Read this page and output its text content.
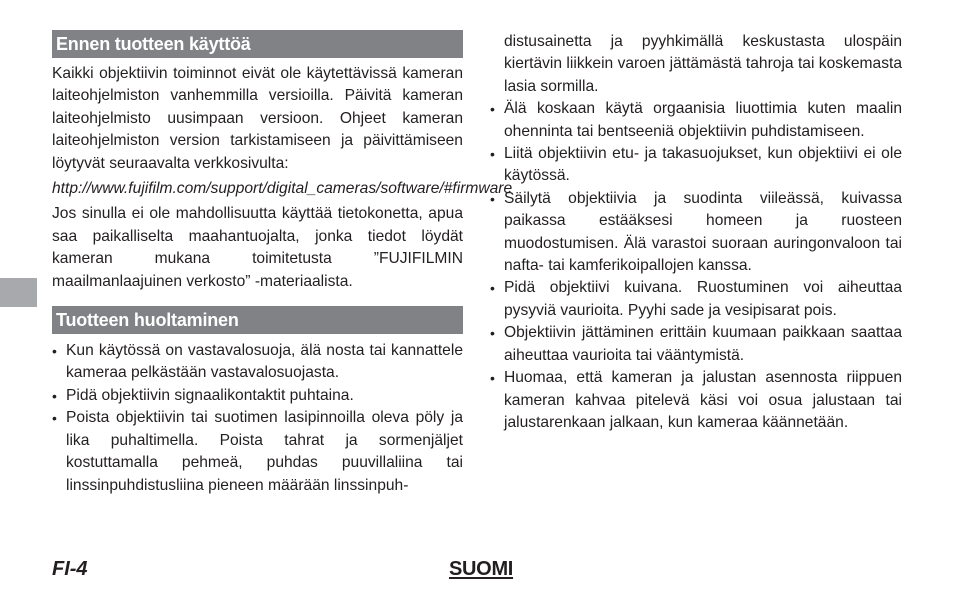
Ennen tuotteen käyttöä

Kaikki objektiivin toiminnot eivät ole käytettävissä kameran laiteohjelmiston vanhemmilla versioilla. Päivitä kameran laiteohjelmisto uusimpaan versioon. Ohjeet kameran laiteohjelmiston version tarkistamiseen ja päivittämiseen löytyvät seuraavalta verkkosivulta:

http://www.fujifilm.com/support/digital_cameras/software/#firmware

Jos sinulla ei ole mahdollisuutta käyttää tietokonetta, apua saa paikalliselta maahantuojalta, jonka tiedot löydät kameran mukana toimitetusta ”FUJIFILMIN maailmanlaajuinen verkosto” -materiaalista.

Tuotteen huoltaminen
• Kun käytössä on vastavalosuoja, älä nosta tai kannattele kameraa pelkästään vastavalosuojasta.
• Pidä objektiivin signaalikontaktit puhtaina.
• Poista objektiivin tai suotimen lasipinnoilla oleva pöly ja lika puhaltimella. Poista tahrat ja sormenjäljet kostuttamalla pehmeä, puhdas puuvillaliina tai linssinpuhdistusliina pieneen määrään linssinpuh-
distusainetta ja pyyhkimällä keskustasta ulospäin kiertävin liikkein varoen jättämästä tahroja tai koskemasta lasia sormilla.
• Älä koskaan käytä orgaanisia liuottimia kuten maalin ohenninta tai bentseeniä objektiivin puhdistamiseen.
• Liitä objektiivin etu- ja takasuojukset, kun objektiivi ei ole käytössä.
• Säilytä objektiivia ja suodinta viileässä, kuivassa paikassa estääksesi homeen ja ruosteen muodostumisen. Älä varastoi suoraan auringonvaloon tai nafta- tai kamferikoipallojen kanssa.
• Pidä objektiivi kuivana. Ruostuminen voi aiheuttaa pysyviä vaurioita. Pyyhi sade ja vesipisarat pois.
• Objektiivin jättäminen erittäin kuumaan paikkaan saattaa aiheuttaa vaurioita tai vääntymistä.
• Huomaa, että kameran ja jalustan asennosta riippuen kameran kahvaa pitelevä käsi voi osua jalustaan tai jalustarenkaan jalkaan, kun kameraa käännetään.
FI-4	SUOMI
